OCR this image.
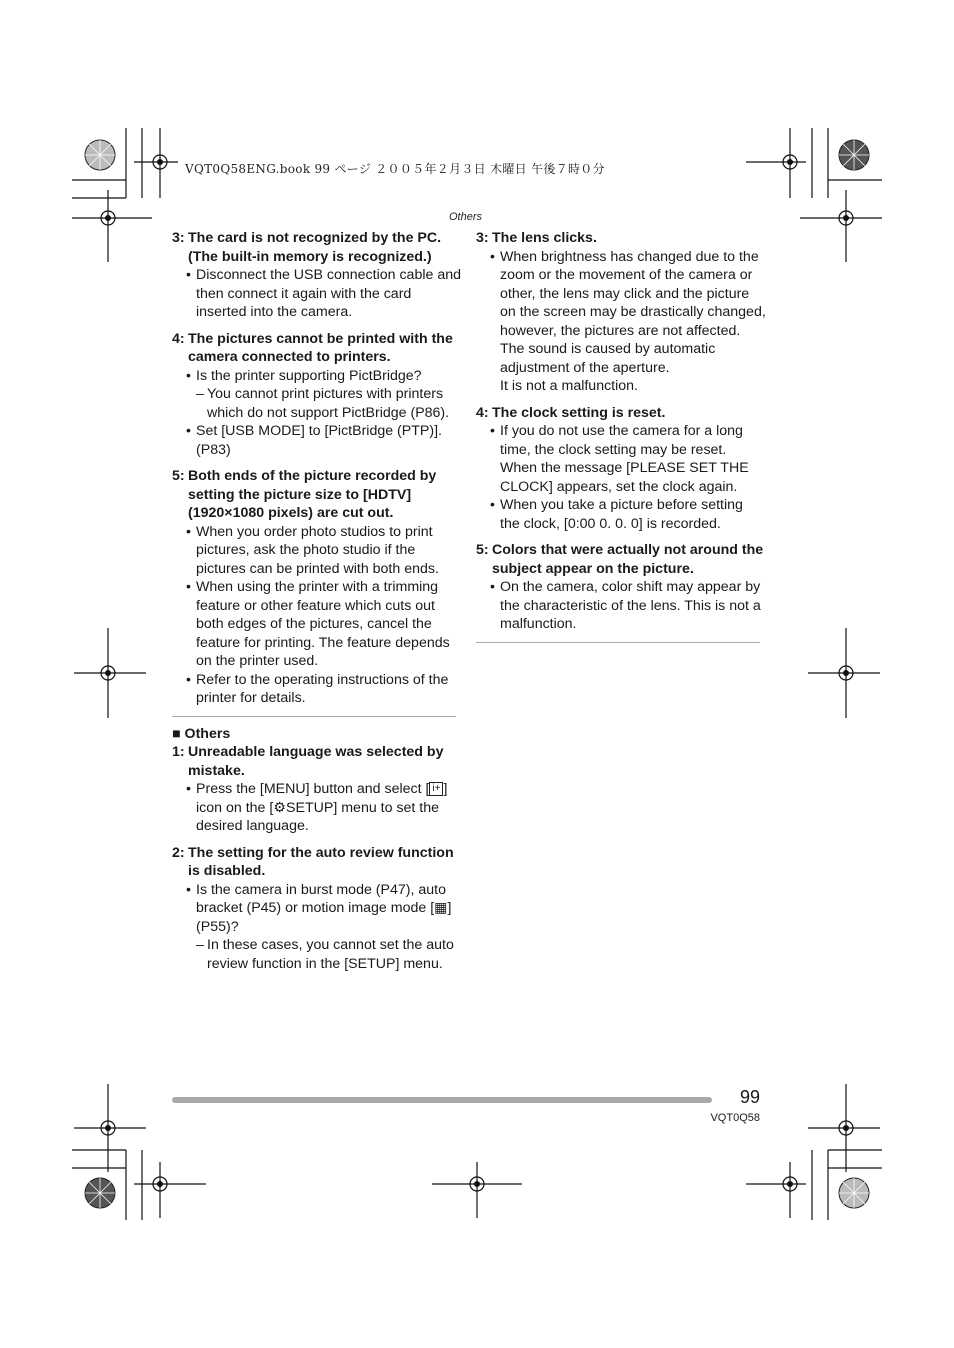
VQT0Q58ENG.book 99 ページ ２００５年２月３日 木曜日 午後７時０分
Others
3: The card is not recognized by the PC. (The built-in memory is recognized.)
• Disconnect the USB connection cable and then connect it again with the card inserted into the camera.
4: The pictures cannot be printed with the camera connected to printers.
• Is the printer supporting PictBridge?
– You cannot print pictures with printers which do not support PictBridge (P86).
• Set [USB MODE] to [PictBridge (PTP)]. (P83)
5: Both ends of the picture recorded by setting the picture size to [HDTV] (1920×1080 pixels) are cut out.
• When you order photo studios to print pictures, ask the photo studio if the pictures can be printed with both ends.
• When using the printer with a trimming feature or other feature which cuts out both edges of the pictures, cancel the feature for printing. The feature depends on the printer used.
• Refer to the operating instructions of the printer for details.
■ Others
1: Unreadable language was selected by mistake.
• Press the [MENU] button and select [ i+ ] icon on the [⚙SETUP] menu to set the desired language.
2: The setting for the auto review function is disabled.
• Is the camera in burst mode (P47), auto bracket (P45) or motion image mode [▦] (P55)?
– In these cases, you cannot set the auto review function in the [SETUP] menu.
3: The lens clicks.
• When brightness has changed due to the zoom or the movement of the camera or other, the lens may click and the picture on the screen may be drastically changed, however, the pictures are not affected.
The sound is caused by automatic adjustment of the aperture.
It is not a malfunction.
4: The clock setting is reset.
• If you do not use the camera for a long time, the clock setting may be reset. When the message [PLEASE SET THE CLOCK] appears, set the clock again.
• When you take a picture before setting the clock, [0:00 0. 0. 0] is recorded.
5: Colors that were actually not around the subject appear on the picture.
• On the camera, color shift may appear by the characteristic of the lens. This is not a malfunction.
99
VQT0Q58
